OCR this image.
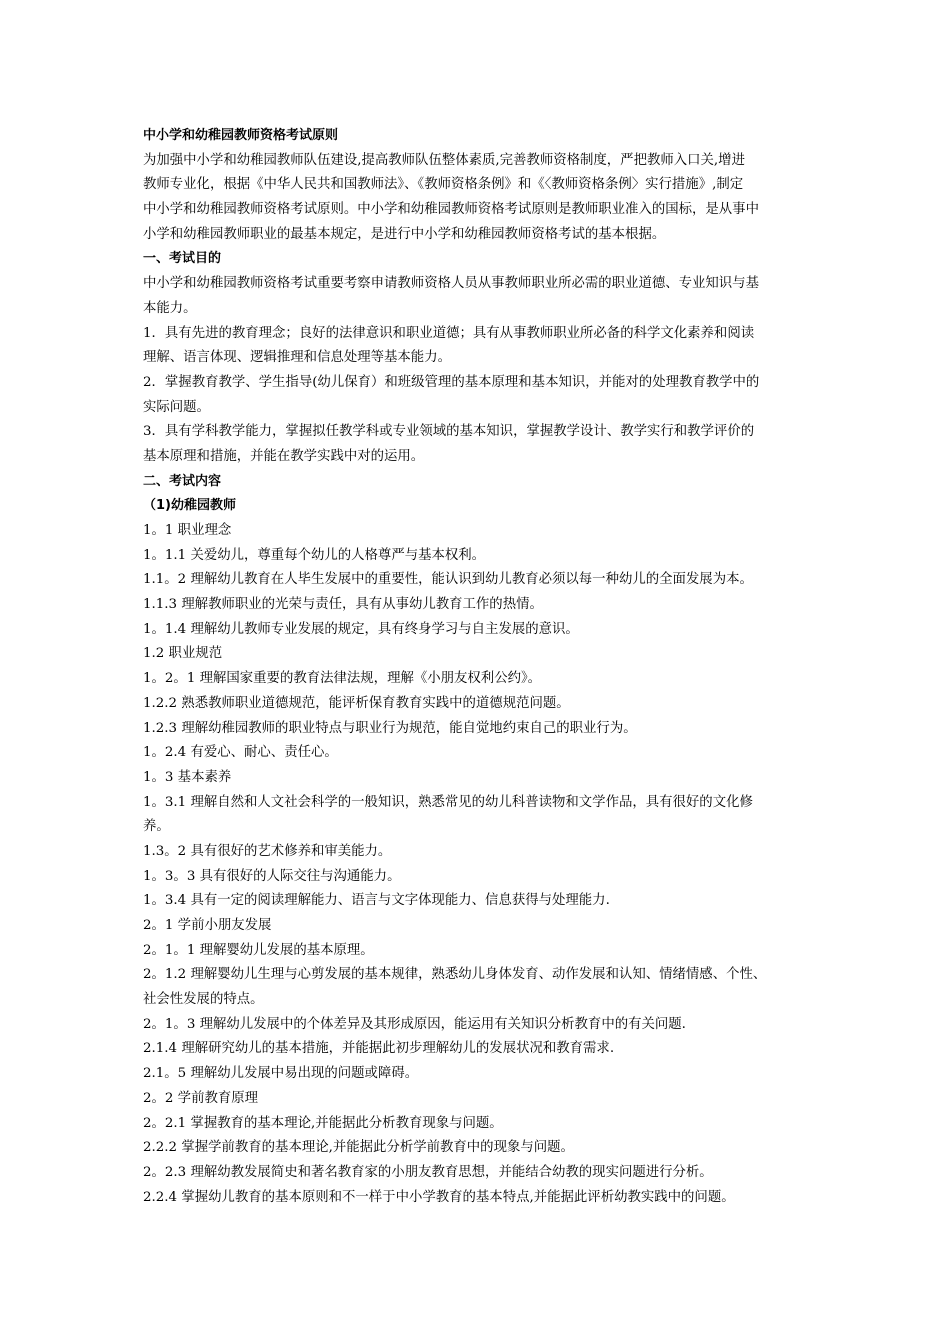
中小学和幼稚园教师资格考试原则
为加强中小学和幼稚园教师队伍建设,提高教师队伍整体素质,完善教师资格制度，严把教师入口关,增进
教师专业化，根据《中华人民共和国教师法》、《教师资格条例》和《〈教师资格条例〉实行措施》,制定
中小学和幼稚园教师资格考试原则。中小学和幼稚园教师资格考试原则是教师职业准入的国标，是从事中
小学和幼稚园教师职业的最基本规定，是进行中小学和幼稚园教师资格考试的基本根据。
一、考试目的
中小学和幼稚园教师资格考试重要考察申请教师资格人员从事教师职业所必需的职业道德、专业知识与基
本能力。
1．具有先进的教育理念；良好的法律意识和职业道德；具有从事教师职业所必备的科学文化素养和阅读
理解、语言体现、逻辑推理和信息处理等基本能力。
2．掌握教育教学、学生指导(幼儿保育）和班级管理的基本原理和基本知识，并能对的处理教育教学中的
实际问题。
3．具有学科教学能力，掌握拟任教学科或专业领域的基本知识，掌握教学设计、教学实行和教学评价的
基本原理和措施，并能在教学实践中对的运用。
二、考试内容
（1)幼稚园教师
1。1 职业理念
1。1.1 关爱幼儿，尊重每个幼儿的人格尊严与基本权利。
1.1。2 理解幼儿教育在人毕生发展中的重要性，能认识到幼儿教育必须以每一种幼儿的全面发展为本。
1.1.3 理解教师职业的光荣与责任，具有从事幼儿教育工作的热情。
1。1.4 理解幼儿教师专业发展的规定，具有终身学习与自主发展的意识。
1.2 职业规范
1。2。1 理解国家重要的教育法律法规，理解《小朋友权利公约》。
1.2.2 熟悉教师职业道德规范，能评析保育教育实践中的道德规范问题。
1.2.3 理解幼稚园教师的职业特点与职业行为规范，能自觉地约束自己的职业行为。
1。2.4 有爱心、耐心、责任心。
1。3 基本素养
1。3.1 理解自然和人文社会科学的一般知识，熟悉常见的幼儿科普读物和文学作品，具有很好的文化修
养。
1.3。2 具有很好的艺术修养和审美能力。
1。3。3 具有很好的人际交往与沟通能力。
1。3.4 具有一定的阅读理解能力、语言与文字体现能力、信息获得与处理能力.
2。1 学前小朋友发展
2。1。1 理解婴幼儿发展的基本原理。
2。1.2 理解婴幼儿生理与心剪发展的基本规律，熟悉幼儿身体发育、动作发展和认知、情绪情感、个性、
社会性发展的特点。
2。1。3 理解幼儿发展中的个体差异及其形成原因，能运用有关知识分析教育中的有关问题.
2.1.4 理解研究幼儿的基本措施，并能据此初步理解幼儿的发展状况和教育需求.
2.1。5 理解幼儿发展中易出现的问题或障碍。
2。2 学前教育原理
2。2.1 掌握教育的基本理论,并能据此分析教育现象与问题。
2.2.2 掌握学前教育的基本理论,并能据此分析学前教育中的现象与问题。
2。2.3 理解幼教发展简史和著名教育家的小朋友教育思想，并能结合幼教的现实问题进行分析。
2.2.4 掌握幼儿教育的基本原则和不一样于中小学教育的基本特点,并能据此评析幼教实践中的问题。
